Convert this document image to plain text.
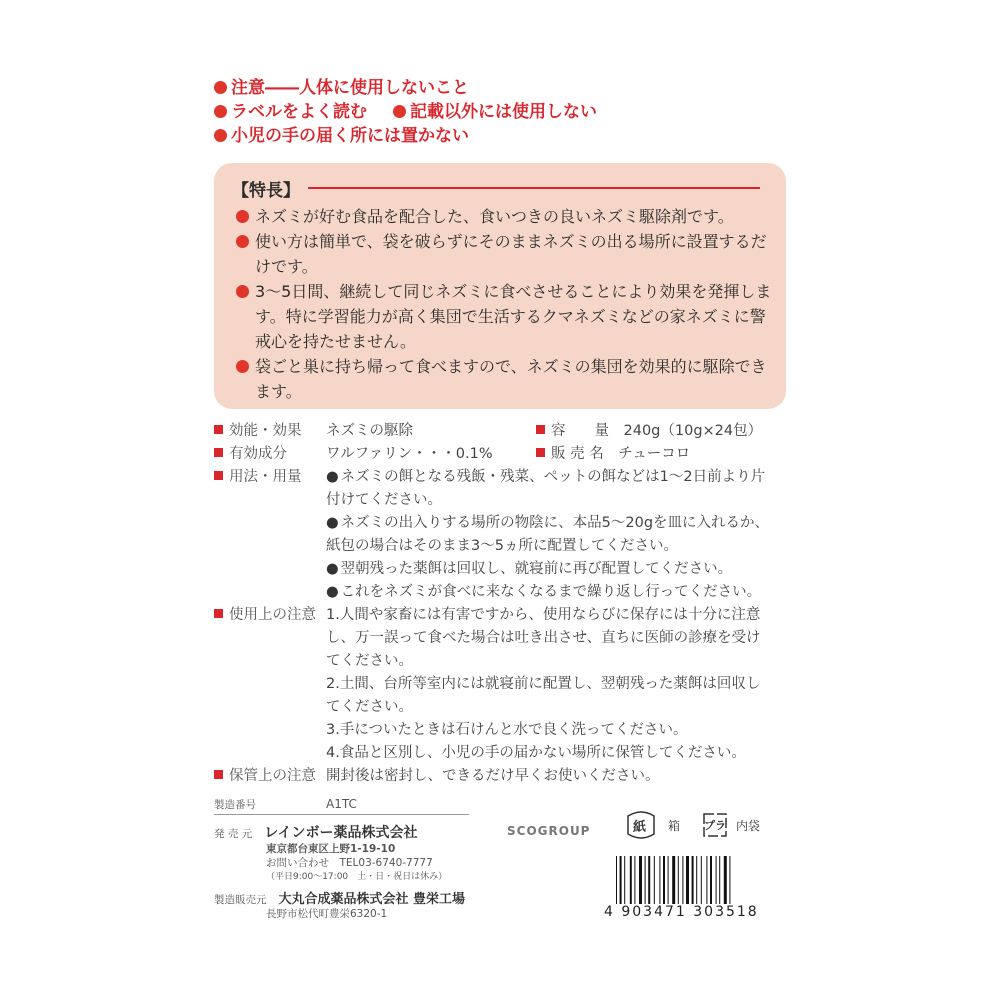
注意――人体に使用しないこと
ラベルをよく読む	記載以外には使用しない
小児の手の届く所には置かない
【特長】
ネズミが好む食品を配合した、食いつきの良いネズミ駆除剤です。
使い方は簡単で、袋を破らずにそのままネズミの出る場所に設置するだけです。
3～5日間、継続して同じネズミに食べさせることにより効果を発揮します。特に学習能力が高く集団で生活するクマネズミなどの家ネズミに警戒心を持たせません。
袋ごと巣に持ち帰って食べますので、ネズミの集団を効果的に駆除できます。
効能・効果 ネズミの駆除	容　　量　 240g（10g×24包）
有効成分	ワルファリン・・・0.1%	販 売 名　 チューコロ
用法・用量
●	ネズミの餌となる残飯・残菜、ペットの餌などは1～2日前より片付けてください。
● ネズミの出入りする場所の物陰に、本品5～20gを皿に入れるか、紙包の場合はそのまま3～5ヵ所に配置してください。
● 翌朝残った薬餌は回収し、就寝前に再び配置してください。
● これをネズミが食べに来なくなるまで繰り返し行ってください。
使用上の注意 1.人間や家畜には有害ですから、使用ならびに保存には十分に注意し、万一誤って食べた場合は吐き出させ、直ちに医師の診療を受けてください。
2.土間、台所等室内には就寝前に配置し、翌朝残った薬餌は回収してください。
3.手についたときは石けんと水で良く洗ってください。
4.食品と区別し、小児の手の届かない場所に保管してください。
保管上の注意 開封後は密封し、できるだけ早くお使いください。
製造番号	A1TC
発 売 元　 レインボー薬品株式会社
東京都台東区上野1-19-10
お問い合わせ　 TEL03-6740-7777
（平日9:00～17:00　土・日・祝日は休み）
製造販売元　 大丸合成薬品株式会社 豊栄工場
長野市松代町豊栄6320-1
SCOGROUP	紙 箱 プラ 内袋
4 903471 303518
